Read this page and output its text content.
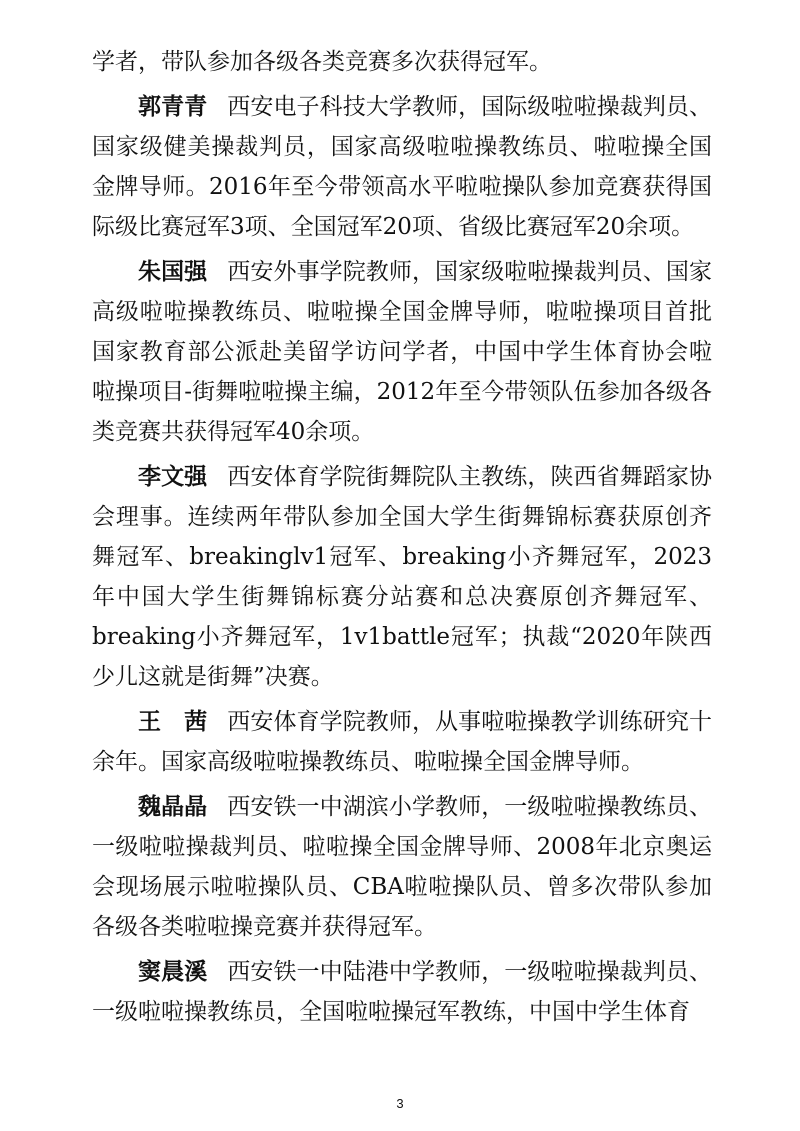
学者，带队参加各级各类竞赛多次获得冠军。

郭青青 西安电子科技大学教师，国际级啦啦操裁判员、国家级健美操裁判员，国家高级啦啦操教练员、啦啦操全国金牌导师。2016年至今带领高水平啦啦操队参加竞赛获得国际级比赛冠军3项、全国冠军20项、省级比赛冠军20余项。

朱国强 西安外事学院教师，国家级啦啦操裁判员、国家高级啦啦操教练员、啦啦操全国金牌导师，啦啦操项目首批国家教育部公派赴美留学访问学者，中国中学生体育协会啦啦操项目-街舞啦啦操主编，2012年至今带领队伍参加各级各类竞赛共获得冠军40余项。

李文强 西安体育学院街舞院队主教练，陕西省舞蹈家协会理事。连续两年带队参加全国大学生街舞锦标赛获原创齐舞冠军、breakinglv1冠军、breaking小齐舞冠军，2023年中国大学生街舞锦标赛分站赛和总决赛原创齐舞冠军、breaking小齐舞冠军，1v1battle冠军；执裁“2020年陕西少儿这就是街舞”决赛。

王　茜 西安体育学院教师，从事啦啦操教学训练研究十余年。国家高级啦啦操教练员、啦啦操全国金牌导师。

魏晶晶 西安铁一中湖滨小学教师，一级啦啦操教练员、一级啦啦操裁判员、啦啦操全国金牌导师、2008年北京奥运会现场展示啦啦操队员、CBA啦啦操队员、曾多次带队参加各级各类啦啦操竞赛并获得冠军。

窦晨溪 西安铁一中陆港中学教师，一级啦啦操裁判员、一级啦啦操教练员，全国啦啦操冠军教练，中国中学生体育

3
